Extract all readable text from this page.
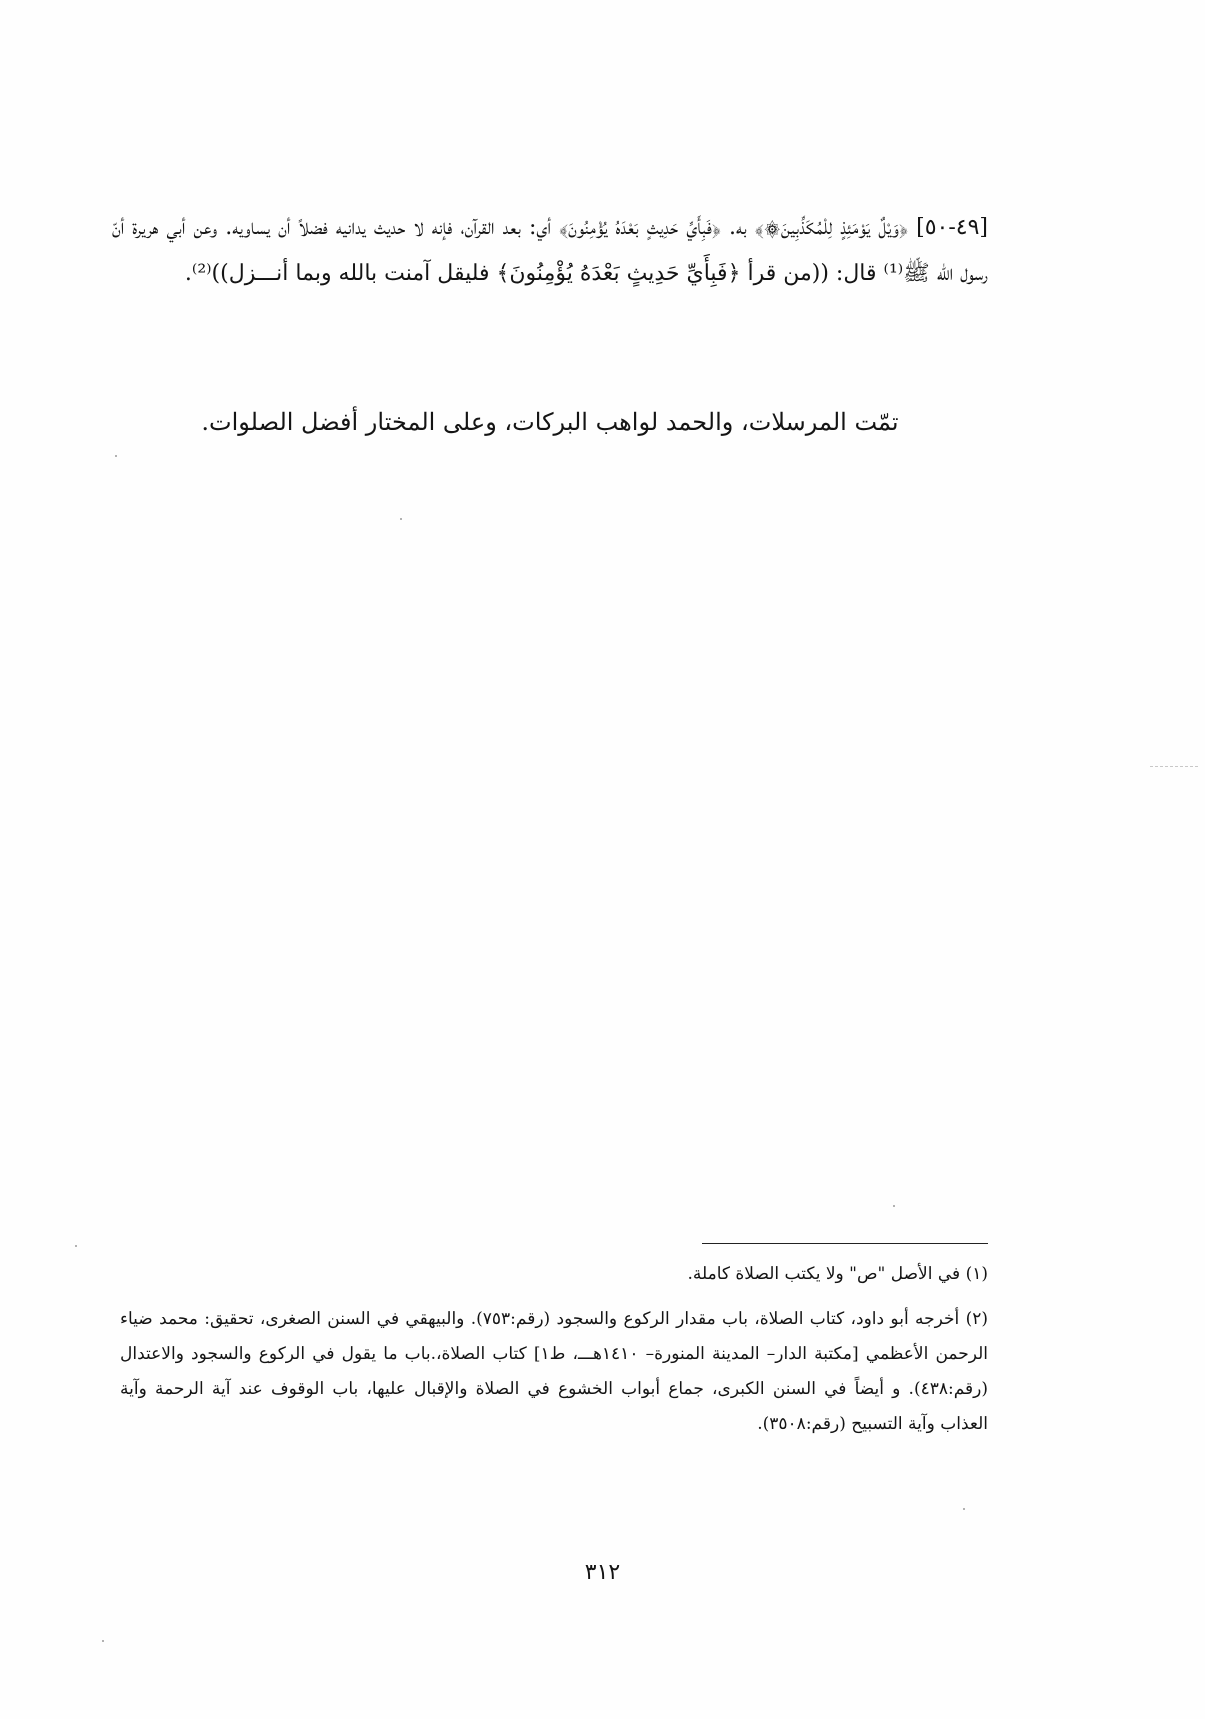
[٤٩-٥٠] ﴿وَيْلٌ يَوْمَئِذٍ لِلْمُكَذِّبِينَ۞﴾ به. ﴿فَبِأَيِّ حَدِيثٍ بَعْدَهُ يُؤْمِنُونَ﴾ أي: بعد القرآن، فإنه لا حديث يدانيه فضلاً أن يساويه. وعن أبي هريرة أنّ رسول الله ﷺ⁽¹⁾ قال: ((من قرأ ﴿فَبِأَيِّ حَدِيثٍ بَعْدَهُ يُؤْمِنُونَ﴾ فليقل آمنت بالله وبما أنـــزل))⁽²⁾.

تمّت المرسلات، والحمد لواهب البركات، وعلى المختار أفضل الصلوات.

(١) في الأصل "ص" ولا يكتب الصلاة كاملة.

(٢) أخرجه أبو داود، كتاب الصلاة، باب مقدار الركوع والسجود (رقم:٧٥٣). والبيهقي في السنن الصغرى، تحقيق: محمد ضياء الرحمن الأعظمي [مكتبة الدار– المدينة المنورة– ١٤١٠هـــ، ط١] كتاب الصلاة،.باب ما يقول في الركوع والسجود والاعتدال (رقم:٤٣٨). و أيضاً في السنن الكبرى، جماع أبواب الخشوع في الصلاة والإقبال عليها، باب الوقوف عند آية الرحمة وآية العذاب وآية التسبيح (رقم:٣٥٠٨).

٣١٢
